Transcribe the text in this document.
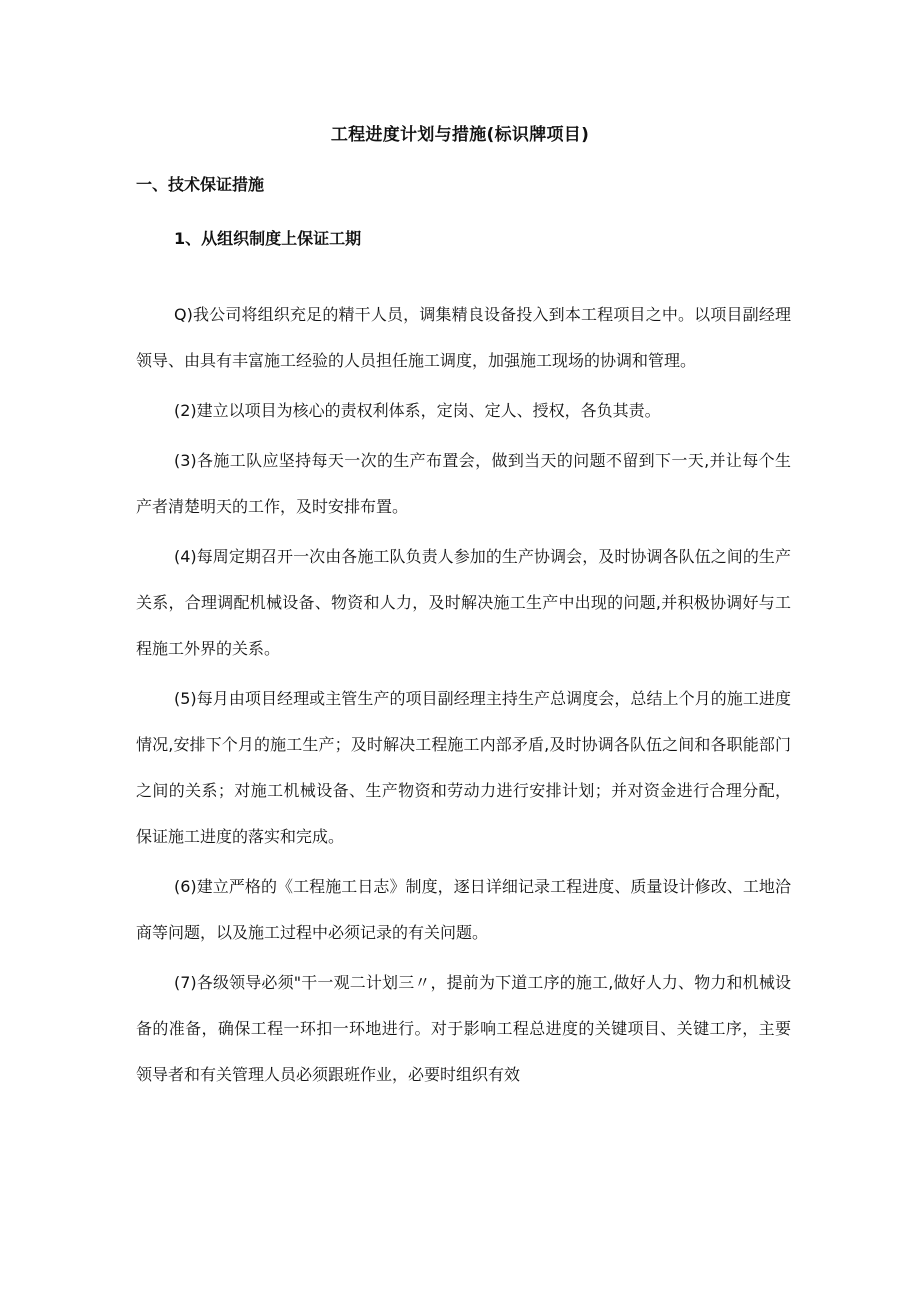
工程进度计划与措施(标识牌项目)
一、技术保证措施
1、从组织制度上保证工期

Q)我公司将组织充足的精干人员，调集精良设备投入到本工程项目之中。以项目副经理领导、由具有丰富施工经验的人员担任施工调度，加强施工现场的协调和管理。

(2)建立以项目为核心的责权利体系，定岗、定人、授权，各负其责。

(3)各施工队应坚持每天一次的生产布置会，做到当天的问题不留到下一天,并让每个生产者清楚明天的工作，及时安排布置。

(4)每周定期召开一次由各施工队负责人参加的生产协调会，及时协调各队伍之间的生产关系，合理调配机械设备、物资和人力，及时解决施工生产中出现的问题,并积极协调好与工程施工外界的关系。

(5)每月由项目经理或主管生产的项目副经理主持生产总调度会，总结上个月的施工进度情况,安排下个月的施工生产；及时解决工程施工内部矛盾,及时协调各队伍之间和各职能部门之间的关系；对施工机械设备、生产物资和劳动力进行安排计划；并对资金进行合理分配，保证施工进度的落实和完成。

(6)建立严格的《工程施工日志》制度，逐日详细记录工程进度、质量设计修改、工地洽商等问题，以及施工过程中必须记录的有关问题。

(7)各级领导必须"干一观二计划三〃，提前为下道工序的施工,做好人力、物力和机械设备的准备，确保工程一环扣一环地进行。对于影响工程总进度的关键项目、关键工序，主要领导者和有关管理人员必须跟班作业，必要时组织有效
